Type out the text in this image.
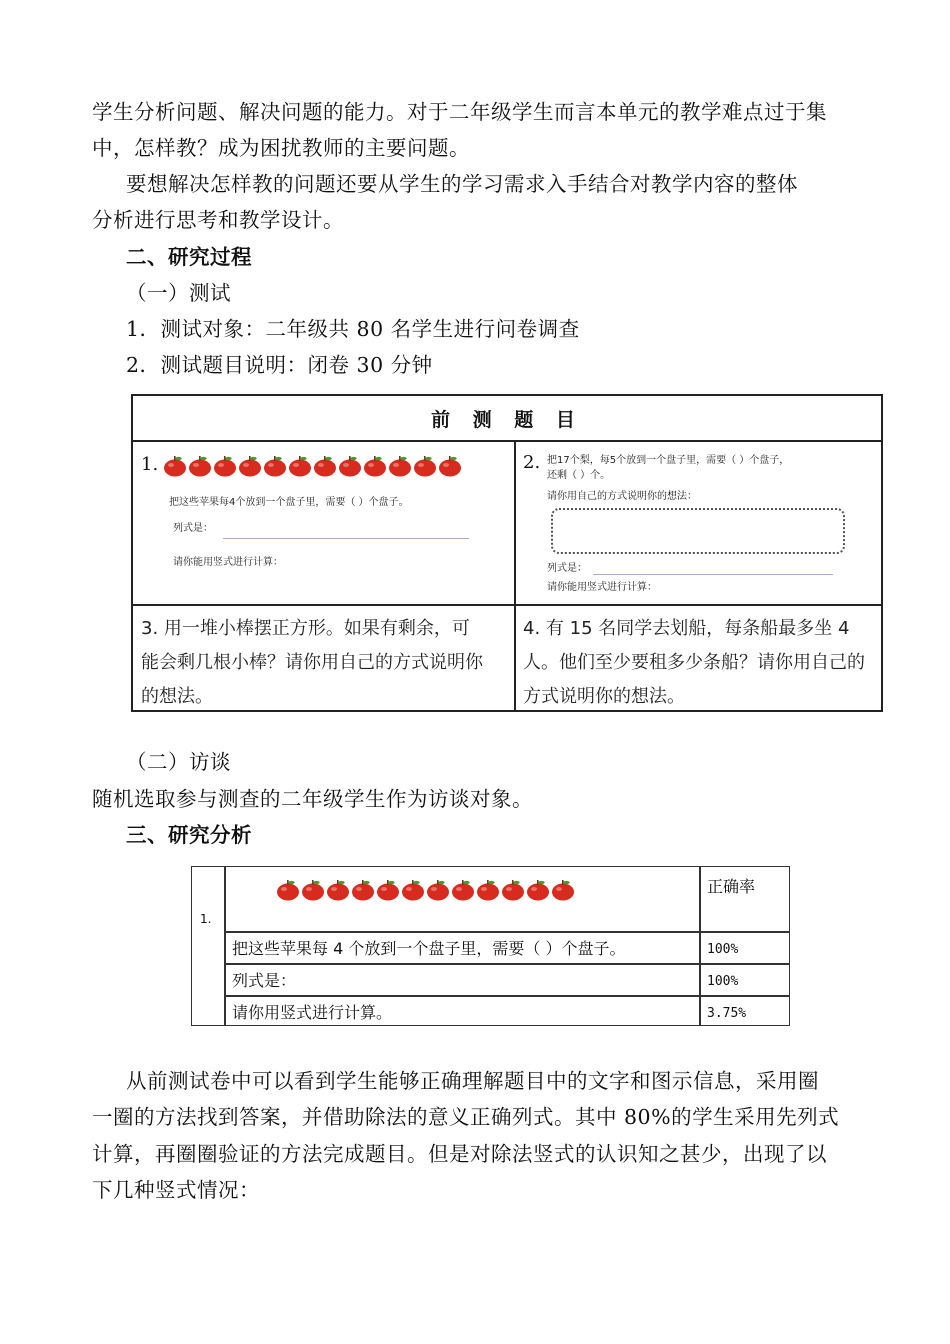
学生分析问题、解决问题的能力。对于二年级学生而言本单元的教学难点过于集
中，怎样教？成为困扰教师的主要问题。
要想解决怎样教的问题还要从学生的学习需求入手结合对教学内容的整体
分析进行思考和教学设计。
二、研究过程
（一）测试
1．测试对象：二年级共 80 名学生进行问卷调查
2．测试题目说明：闭卷 30 分钟
前 测 题 目
1.
把这些苹果每4个放到一个盘子里，需要（ ）个盘子。
列式是：
请你能用竖式进行计算：
2. 把17个梨，每5个放到一个盘子里，需要（ ）个盘子，
还剩（ ）个。
请你用自己的方式说明你的想法：
列式是：
请你能用竖式进行计算：
3. 用一堆小棒摆正方形。如果有剩余，可
能会剩几根小棒？请你用自己的方式说明你
的想法。
4. 有 15 名同学去划船，每条船最多坐 4
人。他们至少要租多少条船？请你用自己的
方式说明你的想法。
（二）访谈
随机选取参与测查的二年级学生作为访谈对象。
三、研究分析
1.
正确率
把这些苹果每 4 个放到一个盘子里，需要（ ）个盘子。	100%
列式是：	100%
请你用竖式进行计算。	3.75%
从前测试卷中可以看到学生能够正确理解题目中的文字和图示信息，采用圈
一圈的方法找到答案，并借助除法的意义正确列式。其中 80%的学生采用先列式
计算，再圈圈验证的方法完成题目。但是对除法竖式的认识知之甚少，出现了以
下几种竖式情况：
